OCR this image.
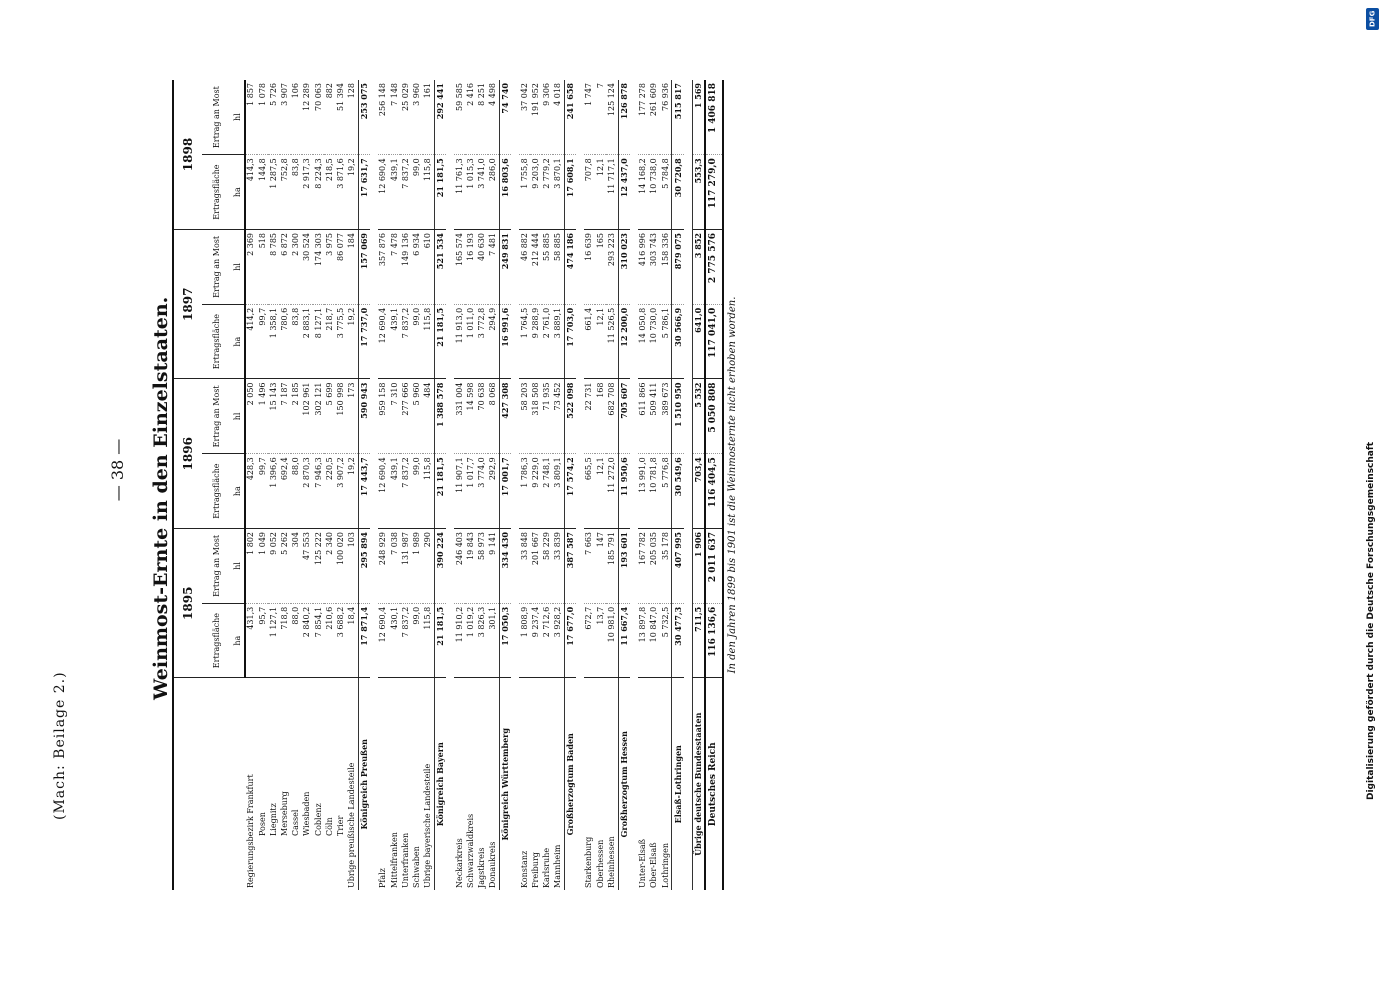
(Mach: Beilage 2.)
— 38 — Weinmost-Ernte in den Einzelstaaten.	Digitalisierung gefördert durch die Deutsche Forschungsgemeinschaft
DFG
	1895		1896		1897		1898	
	Ertragsfläche	Ertrag an Most	Ertragsfläche	Ertrag an Most	Ertragsfläche	Ertrag an Most	Ertragsfläche	Ertrag an Most
	ha	hl	ha	hl	ha	hl	ha	hl
Regierungsbezirk Frankfurt	431,3	1 802	428,3	2 050	414,2	2 369	414,3	1 857
Posen	95,7	1 049	99,7	1 496	99,7	518	144,8	1 078
Liegnitz	1 127,1	9 052	1 396,6	15 143	1 358,1	8 785	1 287,5	5 726
Merseburg	718,8	5 262	692,4	7 187	780,6	6 872	752,8	3 907
Cassel	88,0	304	88,0	2 185	83,8	2 300	83,8	106
Wiesbaden	2 840,2	47 553	2 870,3	102 961	2 883,1	30 524	2 917,3	12 289
Coblenz	7 854,1	125 222	7 946,3	302 121	8 127,1	174 303	8 224,3	70 063
Cöln	210,6	2 340	220,5	5 699	218,7	3 975	218,5	882
Trier	3 688,2	100 020	3 907,2	150 998	3 775,5	86 077	3 871,6	51 394
Übrige preußische Landesteile	18,4	103	19,2	173	19,2	184	19,2	128
Königreich Preußen	17 871,4	295 894	17 443,7	590 943	17 737,0	157 069	17 631,7	253 075

Pfalz	12 690,4	248 929	12 690,4	959 158	12 690,4	357 876	12 690,4	256 148
Mittelfranken	430,1	7 038	439,1	7 310	439,1	7 478	439,1	7 148
Unterfranken	7 837,2	131 987	7 837,2	277 666	7 837,2	149 136	7 837,2	25 029
Schwaben	99,0	1 989	99,0	5 960	99,0	6 934	99,0	3 960
Übrige bayerische Landesteile	115,8	290	115,8	484	115,8	610	115,8	161
Königreich Bayern	21 181,5	390 224	21 181,5	1 388 578	21 181,5	521 534	21 181,5	292 441

Neckarkreis	11 910,2	246 403	11 907,1	331 004	11 913,0	165 574	11 761,3	59 585
Schwarzwaldkreis	1 019,2	19 843	1 017,7	14 598	1 011,0	16 193	1 015,3	2 416
Jagstkreis	3 826,3	58 973	3 774,0	70 638	3 772,8	40 630	3 741,0	8 251
Donaukreis	301,1	9 141	292,9	8 068	294,9	7 481	286,0	4 498
Königreich Württemberg	17 050,3	334 430	17 001,7	427 308	16 991,6	249 831	16 803,6	74 740

Konstanz	1 808,9	33 848	1 786,3	58 203	1 764,5	46 882	1 755,8	37 042
Freiburg	9 237,4	201 667	9 229,0	318 508	9 288,9	212 444	9 203,0	191 952
Karlsruhe	2 712,6	58 229	2 748,1	71 935	2 761,0	55 885	2 779,2	9 306
Mannheim	3 928,2	33 839	3 809,1	73 452	3 889,1	58 885	3 870,1	4 018
Großherzogtum Baden	17 677,0	387 587	17 574,2	522 098	17 703,0	474 186	17 608,1	241 658

Starkenburg	672,7	7 663	665,5	22 731	661,4	16 639	707,8	1 747
Oberhessen	13,7	147	12,1	168	12,1	165	12,1	7
Rheinhessen	10 981,0	185 791	11 272,0	682 708	11 526,5	293 223	11 717,1	125 124
Großherzogtum Hessen	11 667,4	193 601	11 950,6	705 607	12 200,0	310 023	12 437,0	126 878

Unter-Elsaß	13 897,8	167 782	13 991,0	611 866	14 050,8	416 996	14 168,2	177 278
Ober-Elsaß	10 847,0	205 035	10 781,8	509 411	10 730,0	303 743	10 738,0	261 609
Lothringen	5 732,5	35 178	5 776,8	389 673	5 786,1	158 336	5 784,8	76 936
Elsaß-Lothringen	30 477,3	407 995	30 549,6	1 510 950	30 566,9	879 075	30 720,8	515 817

Übrige deutsche Bundesstaaten	711,5	1 906	703,4	5 532	641,0	3 852	553,3	1 569
Deutsches Reich	116 136,6	2 011 637	116 404,5	5 050 808	117 041,0	2 775 576	117 279,0	1 406 818
In den Jahren 1899 bis 1901 ist die Weinmosternte nicht erhoben worden.								
